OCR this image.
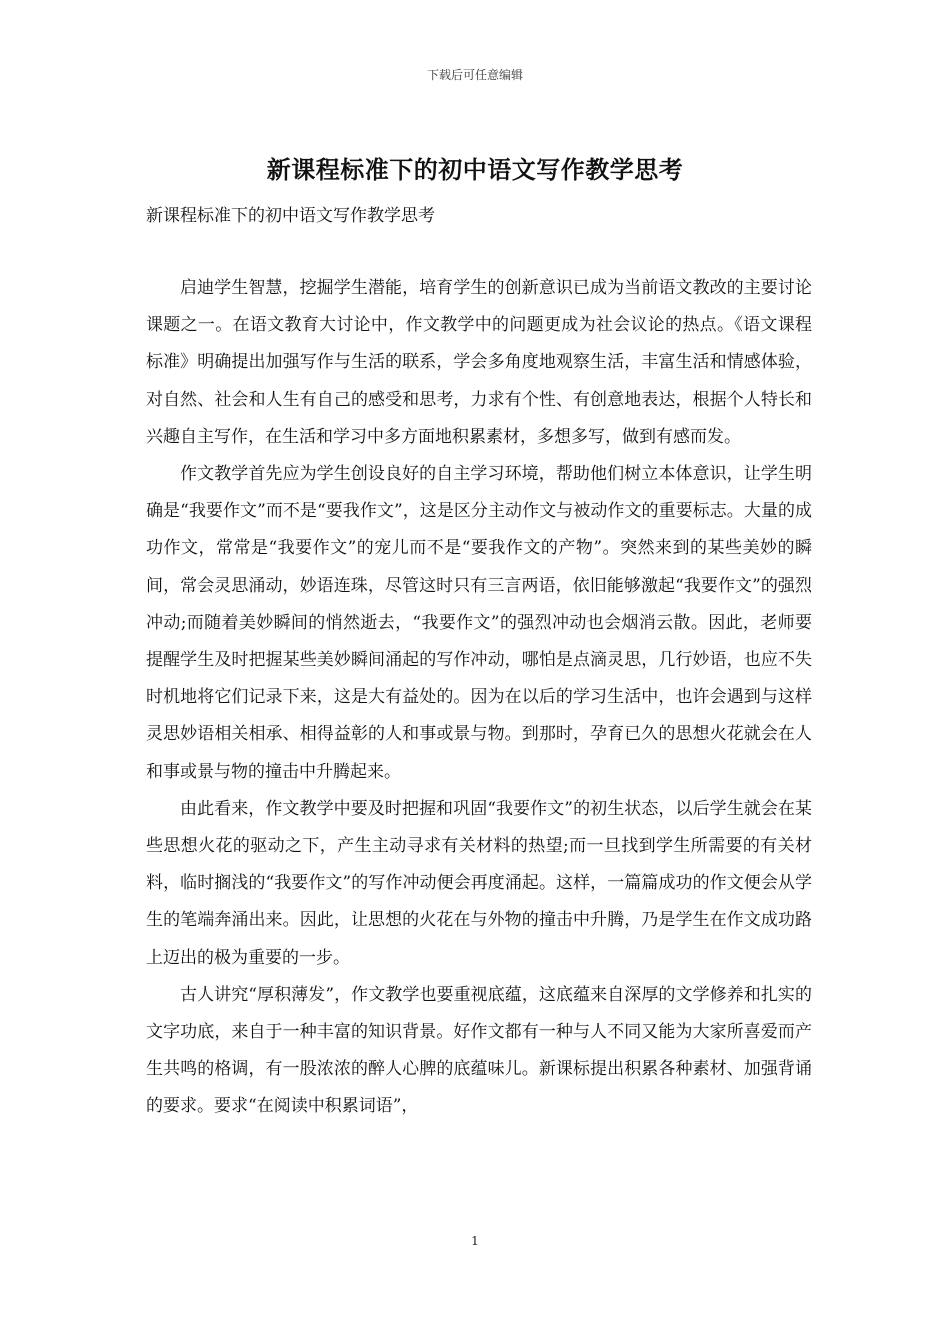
下载后可任意编辑
新课程标准下的初中语文写作教学思考
新课程标准下的初中语文写作教学思考

启迪学生智慧，挖掘学生潜能，培育学生的创新意识已成为当前语文教改的主要讨论课题之一。在语文教育大讨论中，作文教学中的问题更成为社会议论的热点。《语文课程标准》明确提出加强写作与生活的联系，学会多角度地观察生活，丰富生活和情感体验，对自然、社会和人生有自己的感受和思考，力求有个性、有创意地表达，根据个人特长和兴趣自主写作，在生活和学习中多方面地积累素材，多想多写，做到有感而发。

作文教学首先应为学生创设良好的自主学习环境，帮助他们树立本体意识，让学生明确是“我要作文”而不是“要我作文”，这是区分主动作文与被动作文的重要标志。大量的成功作文，常常是“我要作文”的宠儿而不是“要我作文的产物”。突然来到的某些美妙的瞬间，常会灵思涌动，妙语连珠，尽管这时只有三言两语，依旧能够激起“我要作文”的强烈冲动;而随着美妙瞬间的悄然逝去，“我要作文”的强烈冲动也会烟消云散。因此，老师要提醒学生及时把握某些美妙瞬间涌起的写作冲动，哪怕是点滴灵思，几行妙语，也应不失时机地将它们记录下来，这是大有益处的。因为在以后的学习生活中，也许会遇到与这样灵思妙语相关相承、相得益彰的人和事或景与物。到那时，孕育已久的思想火花就会在人和事或景与物的撞击中升腾起来。

由此看来，作文教学中要及时把握和巩固“我要作文”的初生状态，以后学生就会在某些思想火花的驱动之下，产生主动寻求有关材料的热望;而一旦找到学生所需要的有关材料，临时搁浅的“我要作文”的写作冲动便会再度涌起。这样，一篇篇成功的作文便会从学生的笔端奔涌出来。因此，让思想的火花在与外物的撞击中升腾，乃是学生在作文成功路上迈出的极为重要的一步。

古人讲究“厚积薄发”，作文教学也要重视底蕴，这底蕴来自深厚的文学修养和扎实的文字功底，来自于一种丰富的知识背景。好作文都有一种与人不同又能为大家所喜爱而产生共鸣的格调，有一股浓浓的醉人心脾的底蕴味儿。新课标提出积累各种素材、加强背诵的要求。要求“在阅读中积累词语”，

1
